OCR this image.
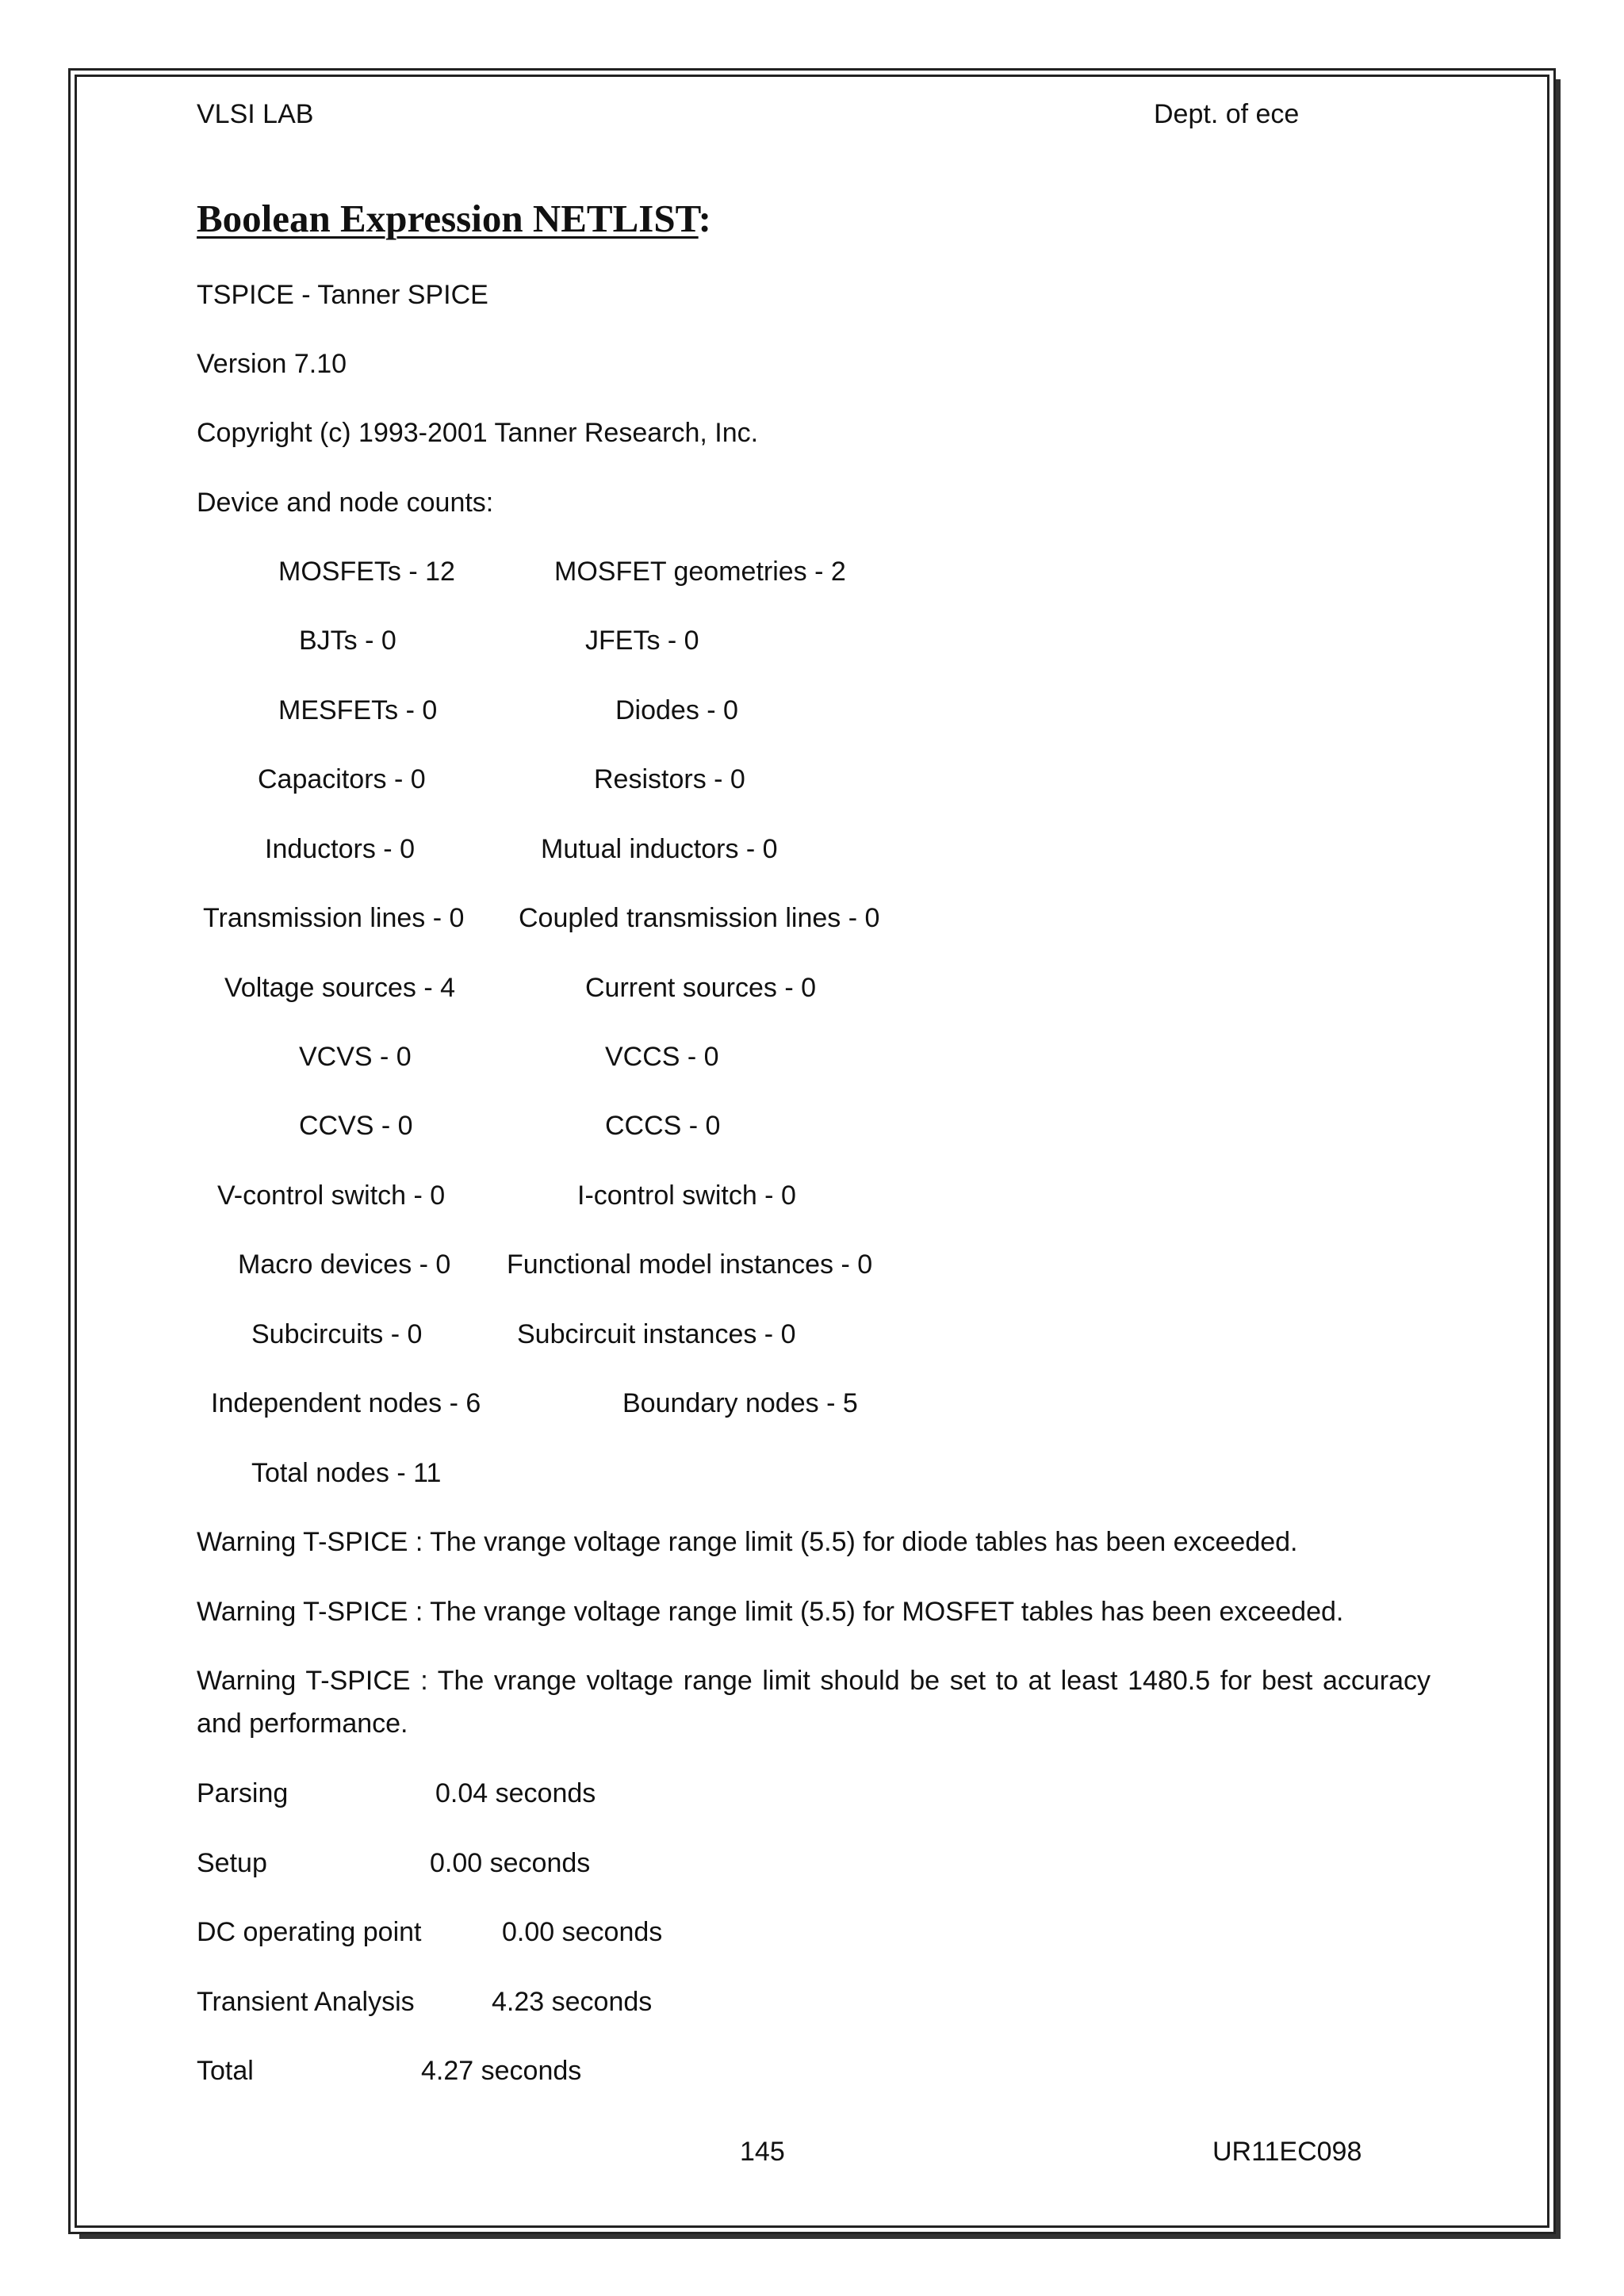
VLSI LAB	Dept. of ece
Boolean Expression NETLIST:
TSPICE - Tanner SPICE
Version 7.10
Copyright (c) 1993-2001 Tanner Research, Inc.
Device and node counts:
MOSFETs - 12	MOSFET geometries - 2
BJTs - 0	JFETs - 0
MESFETs - 0	Diodes - 0
Capacitors - 0	Resistors - 0
Inductors - 0	Mutual inductors - 0
Transmission lines - 0 Coupled transmission lines - 0
Voltage sources - 4	Current sources - 0
VCVS - 0	VCCS - 0
CCVS - 0	CCCS - 0
V-control switch - 0	I-control switch - 0
Macro devices - 0 Functional model instances - 0
Subcircuits - 0	Subcircuit instances - 0
Independent nodes - 6	Boundary nodes - 5
Total nodes - 11
Warning T-SPICE : The vrange voltage range limit (5.5) for diode tables has been exceeded.
Warning T-SPICE : The vrange voltage range limit (5.5) for MOSFET tables has been exceeded.
Warning T-SPICE : The vrange voltage range limit should be set to at least 1480.5 for best accuracy and performance.
Parsing	0.04 seconds
Setup	0.00 seconds
DC operating point	0.00 seconds
Transient Analysis	4.23 seconds
Total	4.27 seconds
145	UR11EC098
